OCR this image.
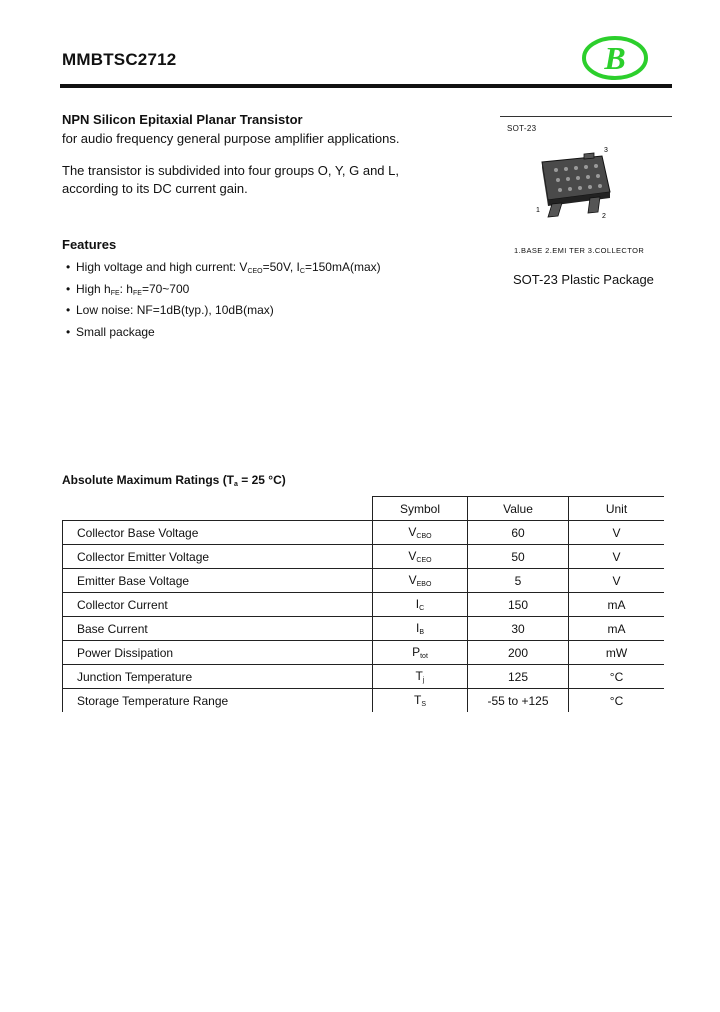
MMBTSC2712	B
NPN Silicon Epitaxial Planar Transistor
for audio frequency general purpose amplifier applications.
The transistor is subdivided into four groups O, Y, G and L,
according to its DC current gain.
Features
• High voltage and high current: $V_{CEO}=50V$, $I_C=150mA(\max)$
• High $h_{FE}$: $h_{FE}=70\sim 700$
• Low noise: NF=1dB(typ.), 10dB(max)
• Small package
SOT-23
3
1
2
1.BASE 2.EMI TER 3.COLLECTOR
SOT-23 Plastic Package
Absolute Maximum Ratings ($T_a = 25$ °C)
	Symbol	Value	Unit
Collector Base Voltage	$V_{CBO}$	60	V
Collector Emitter Voltage	$V_{CEO}$	50	V
Emitter Base Voltage	$V_{EBO}$	5	V
Collector Current	$I_C$	150	mA
Base Current	$I_B$	30	mA
Power Dissipation	$P_{tot}$	200	mW
Junction Temperature	$T_j$	125	°C
Storage Temperature Range	$T_S$	-55 to +125	°C
